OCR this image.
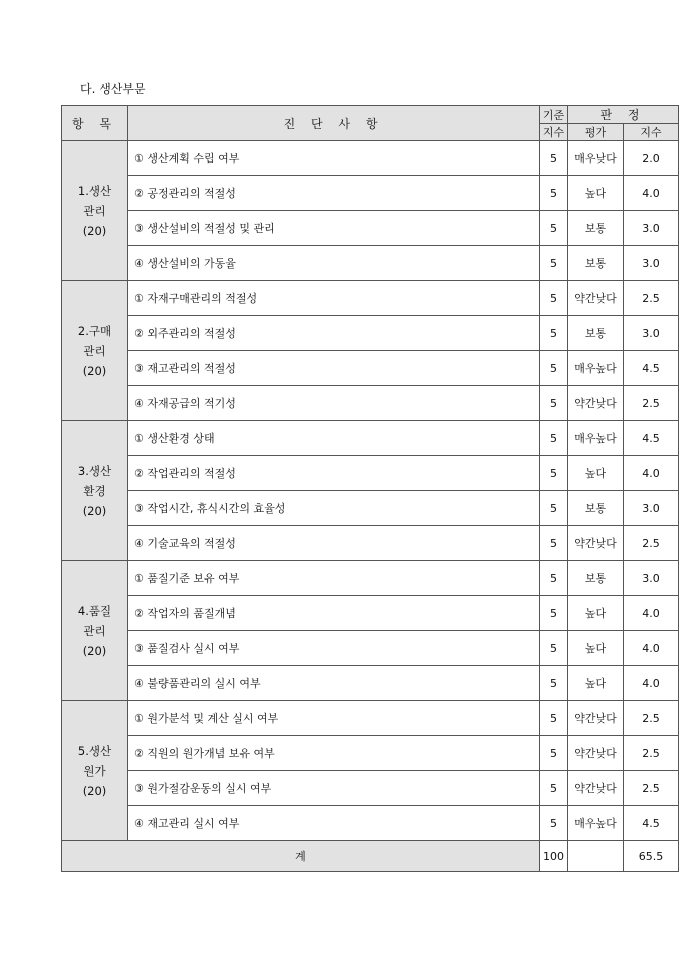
다. 생산부문
항 목	진 단 사 항	기준	판 정	
		지수	평가	지수

1.생산
관리
(20)	① 생산계획 수립 여부	5	매우낮다	2.0
	② 공정관리의 적절성	5	높다	4.0
	③ 생산설비의 적절성 및 관리	5	보통	3.0
	④ 생산설비의 가동율	5	보통	3.0

2.구매
관리
(20)	① 자재구매관리의 적절성	5	약간낮다	2.5
	② 외주관리의 적절성	5	보통	3.0
	③ 재고관리의 적절성	5	매우높다	4.5
	④ 자재공급의 적기성	5	약간낮다	2.5

3.생산
환경
(20)	① 생산환경 상태	5	매우높다	4.5
	② 작업관리의 적절성	5	높다	4.0
	③ 작업시간, 휴식시간의 효율성	5	보통	3.0
	④ 기술교육의 적절성	5	약간낮다	2.5

4.품질
관리
(20)	① 품질기준 보유 여부	5	보통	3.0
	② 작업자의 품질개념	5	높다	4.0
	③ 품질검사 실시 여부	5	높다	4.0
	④ 불량품관리의 실시 여부	5	높다	4.0

5.생산
원가
(20)	① 원가분석 및 계산 실시 여부	5	약간낮다	2.5
	② 직원의 원가개념 보유 여부	5	약간낮다	2.5
	③ 원가절감운동의 실시 여부	5	약간낮다	2.5
	④ 재고관리 실시 여부	5	매우높다	4.5
계		100		65.5
